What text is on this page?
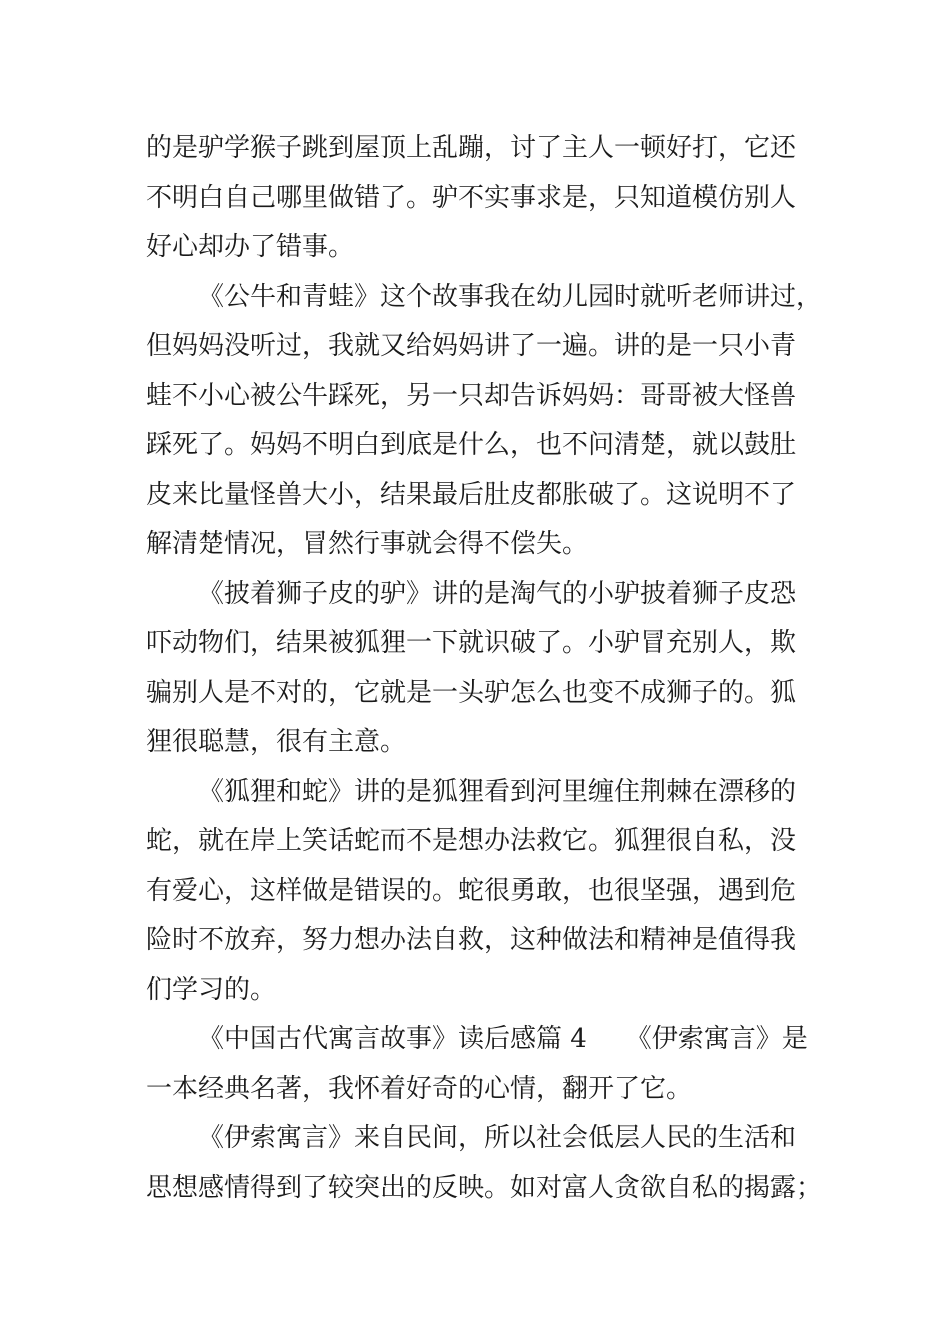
的是驴学猴子跳到屋顶上乱蹦，讨了主人一顿好打，它还
不明白自己哪里做错了。驴不实事求是，只知道模仿别人
好心却办了错事。
《公牛和青蛙》这个故事我在幼儿园时就听老师讲过，
但妈妈没听过，我就又给妈妈讲了一遍。讲的是一只小青
蛙不小心被公牛踩死，另一只却告诉妈妈：哥哥被大怪兽
踩死了。妈妈不明白到底是什么，也不问清楚，就以鼓肚
皮来比量怪兽大小，结果最后肚皮都胀破了。这说明不了
解清楚情况，冒然行事就会得不偿失。
《披着狮子皮的驴》讲的是淘气的小驴披着狮子皮恐
吓动物们，结果被狐狸一下就识破了。小驴冒充别人，欺
骗别人是不对的，它就是一头驴怎么也变不成狮子的。狐
狸很聪慧，很有主意。
《狐狸和蛇》讲的是狐狸看到河里缠住荆棘在漂移的
蛇，就在岸上笑话蛇而不是想办法救它。狐狸很自私，没
有爱心，这样做是错误的。蛇很勇敢，也很坚强，遇到危
险时不放弃，努力想办法自救，这种做法和精神是值得我
们学习的。
《中国古代寓言故事》读后感篇 4　　《伊索寓言》是
一本经典名著，我怀着好奇的心情，翻开了它。
《伊索寓言》来自民间，所以社会低层人民的生活和
思想感情得到了较突出的反映。如对富人贪欲自私的揭露；
